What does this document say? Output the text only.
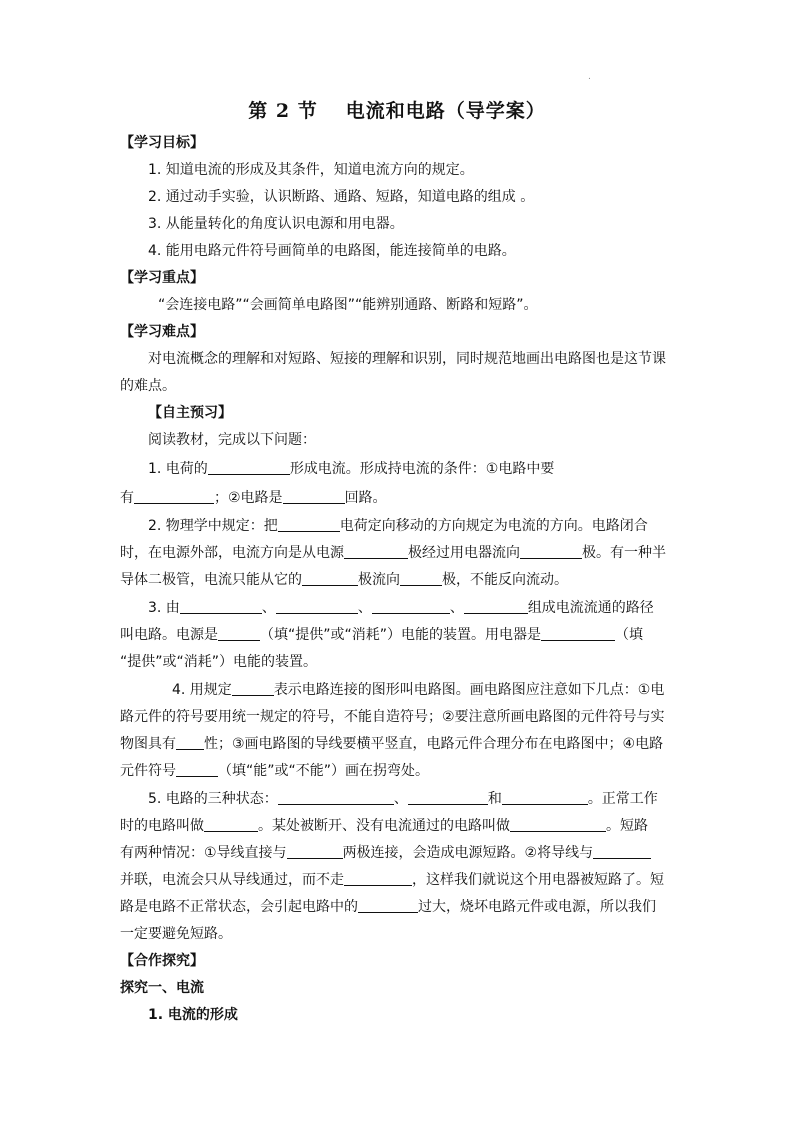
.
第 2 节 电流和电路（导学案）
【学习目标】
1. 知道电流的形成及其条件，知道电流方向的规定。
2. 通过动手实验，认识断路、通路、短路，知道电路的组成 。
3. 从能量转化的角度认识电源和用电器。
4. 能用电路元件符号画简单的电路图，能连接简单的电路。
【学习重点】
“会连接电路”“会画简单电路图”“能辨别通路、断路和短路”。
【学习难点】
对电流概念的理解和对短路、短接的理解和识别，同时规范地画出电路图也是这节课
的难点。
【自主预习】
阅读教材，完成以下问题：
1. 电荷的	形成电流。形成持电流的条件：①电路中要
有	；②电路是	回路。
2. 物理学中规定：把	电荷定向移动的方向规定为电流的方向。电路闭合
时，在电源外部，电流方向是从电源	极经过用电器流向	极。有一种半
导体二极管，电流只能从它的	极流向	极，不能反向流动。
3. 由	、	、	、	组成电流流通的路径
叫电路。电源是	（填“提供”或“消耗”）电能的装置。用电器是	（填
“提供”或“消耗”）电能的装置。
4. 用规定	表示电路连接的图形叫电路图。画电路图应注意如下几点：①电
路元件的符号要用统一规定的符号，不能自造符号；②要注意所画电路图的元件符号与实
物图具有 性；③画电路图的导线要横平竖直，电路元件合理分布在电路图中；④电路
元件符号	（填“能”或“不能”）画在拐弯处。
5. 电路的三种状态：	、	和	。正常工作
时的电路叫做	。某处被断开、没有电流通过的电路叫做	。短路
有两种情况：①导线直接与	两极连接，会造成电源短路。②将导线与
并联，电流会只从导线通过，而不走	，这样我们就说这个用电器被短路了。短
路是电路不正常状态，会引起电路中的	过大，烧坏电路元件或电源，所以我们
一定要避免短路。
【合作探究】
探究一、电流
1. 电流的形成
